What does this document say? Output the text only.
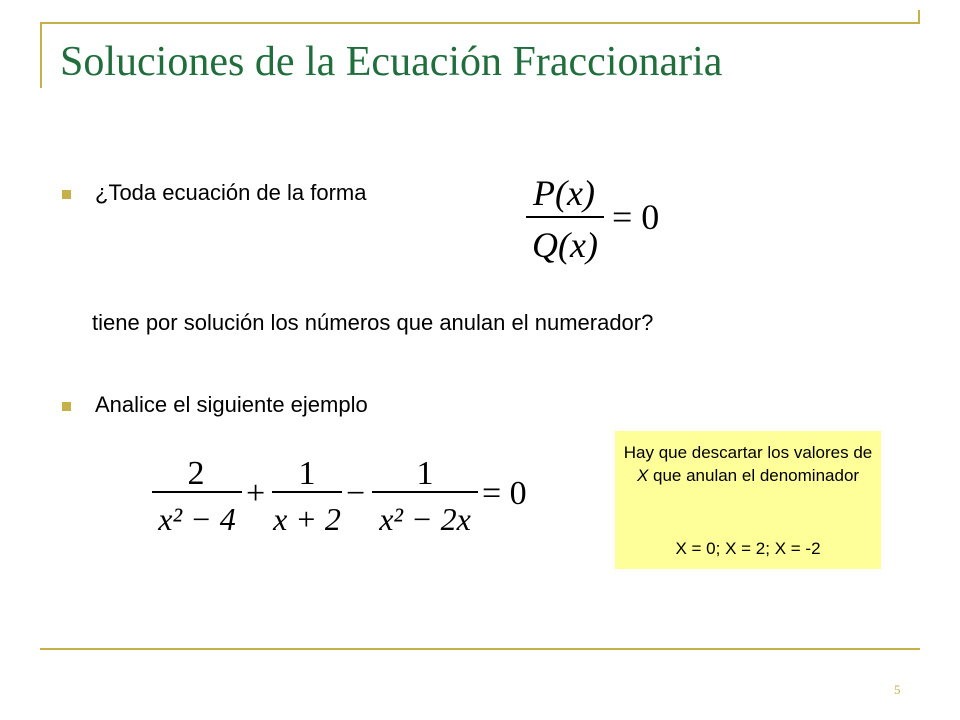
Soluciones de la Ecuación Fraccionaria
¿Toda ecuación de la forma	P(x)
Q(x)
= 0
tiene por solución los números que anulan el numerador?
Analice el siguiente ejemplo
2
x² − 4
+
1
x + 2
−
1
x² − 2x
= 0
Hay que descartar los valores de X que anulan el denominador
X = 0; X = 2; X = -2
5
